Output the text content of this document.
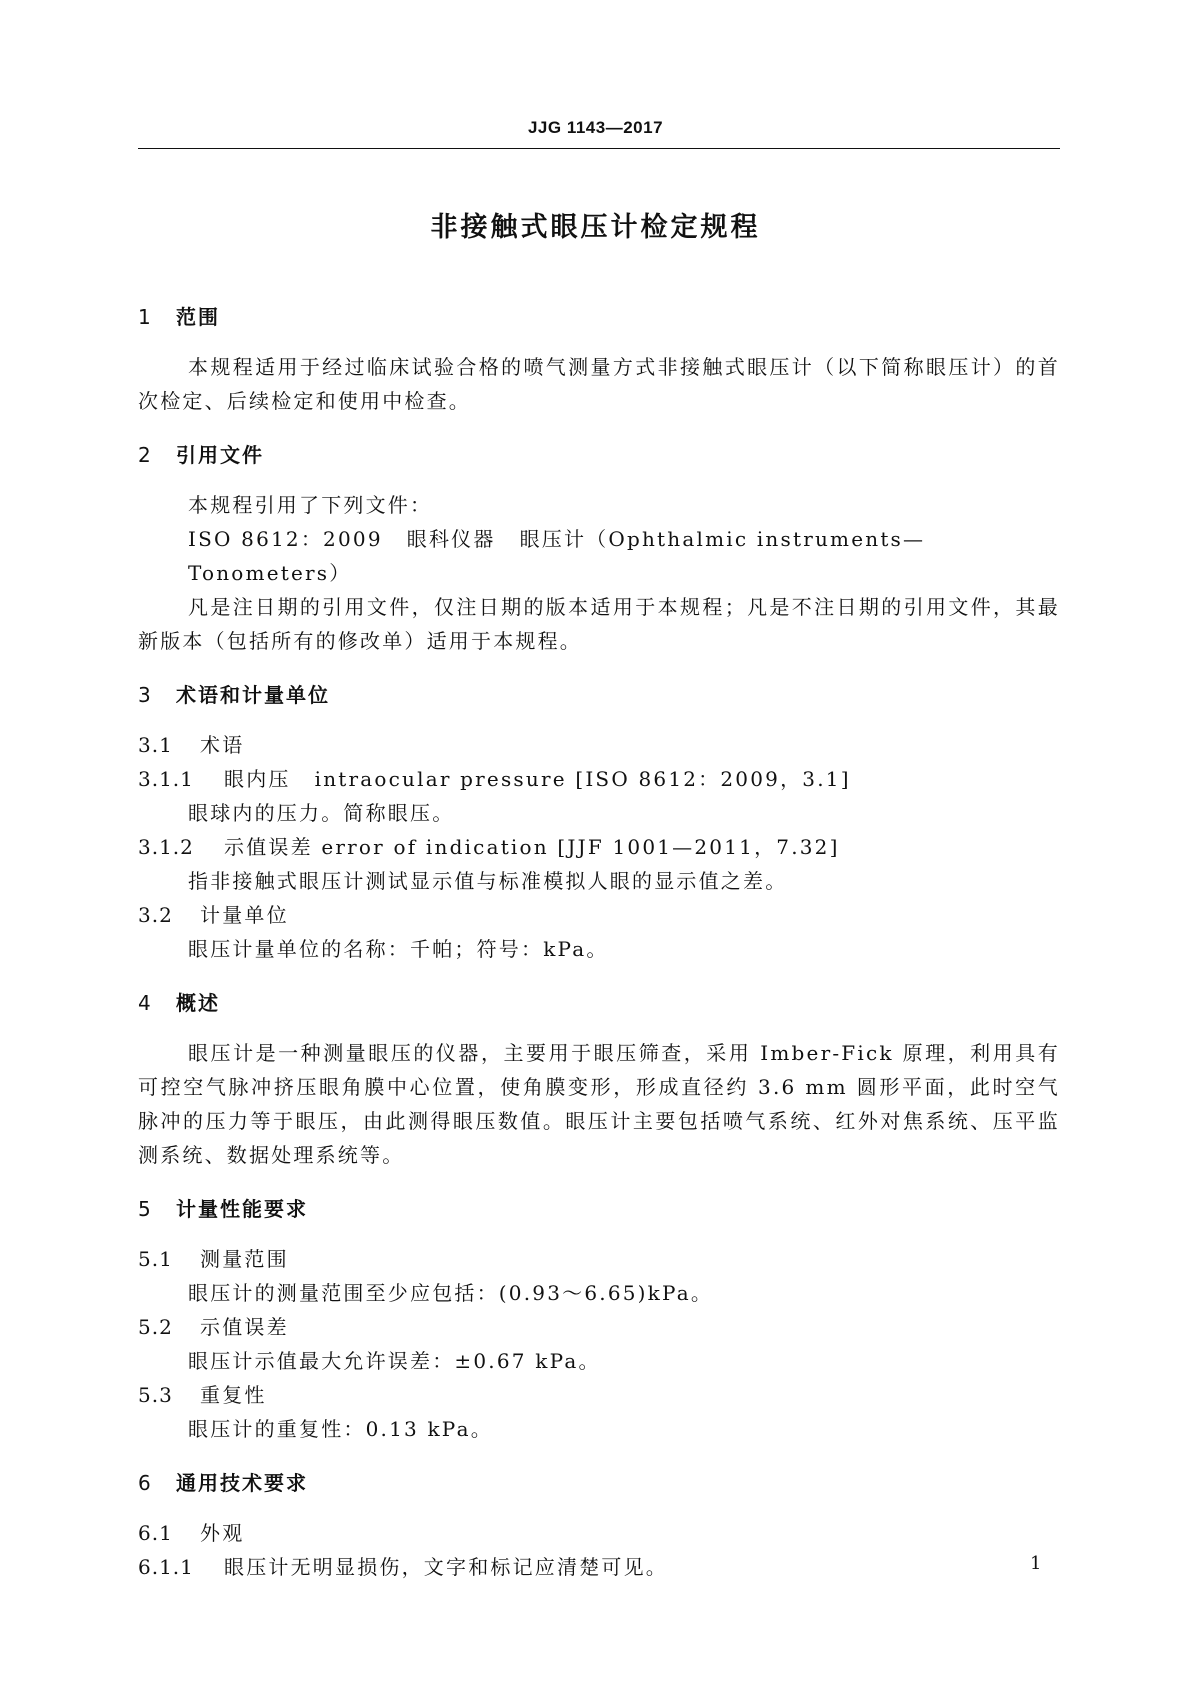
JJG 1143—2017
非接触式眼压计检定规程
1 范围
本规程适用于经过临床试验合格的喷气测量方式非接触式眼压计（以下简称眼压计）的首次检定、后续检定和使用中检查。
2 引用文件
本规程引用了下列文件：
ISO 8612：2009 眼科仪器 眼压计（Ophthalmic instruments—Tonometers）
凡是注日期的引用文件，仅注日期的版本适用于本规程；凡是不注日期的引用文件，其最新版本（包括所有的修改单）适用于本规程。
3 术语和计量单位
3.1 术语
3.1.1 眼内压 intraocular pressure [ISO 8612：2009，3.1]
眼球内的压力。简称眼压。
3.1.2 示值误差 error of indication [JJF 1001—2011，7.32]
指非接触式眼压计测试显示值与标准模拟人眼的显示值之差。
3.2 计量单位
眼压计量单位的名称：千帕；符号：kPa。
4 概述
眼压计是一种测量眼压的仪器，主要用于眼压筛查，采用 Imber-Fick 原理，利用具有可控空气脉冲挤压眼角膜中心位置，使角膜变形，形成直径约 3.6 mm 圆形平面，此时空气脉冲的压力等于眼压，由此测得眼压数值。眼压计主要包括喷气系统、红外对焦系统、压平监测系统、数据处理系统等。
5 计量性能要求
5.1 测量范围
眼压计的测量范围至少应包括：(0.93～6.65)kPa。
5.2 示值误差
眼压计示值最大允许误差：±0.67 kPa。
5.3 重复性
眼压计的重复性：0.13 kPa。
6 通用技术要求
6.1 外观
6.1.1 眼压计无明显损伤，文字和标记应清楚可见。	1
